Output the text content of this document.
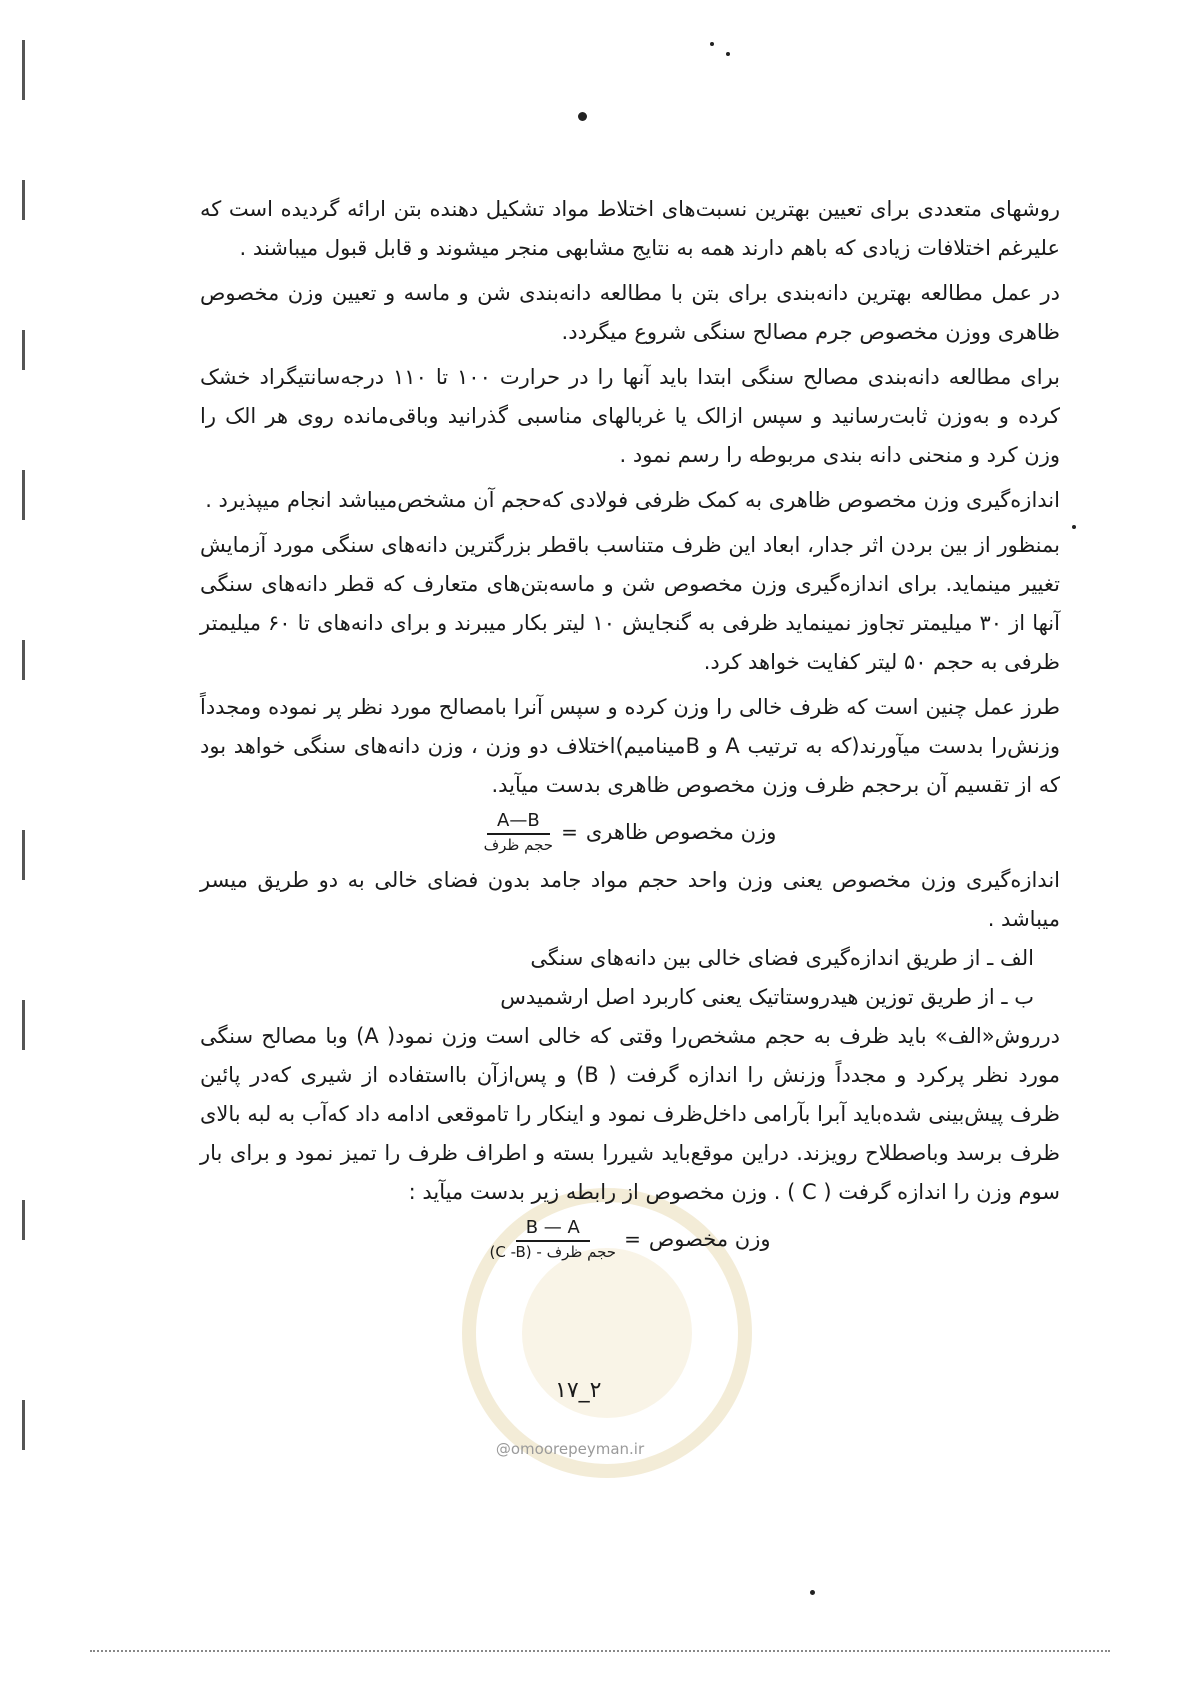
روشهای متعددی برای تعیین بهترین نسبت‌های اختلاط مواد تشکیل دهنده بتن ارائه گردیده است که علیرغم اختلافات زیادی که باهم دارند همه به نتایج مشابهی منجر میشوند و قابل قبول میباشند .

در عمل مطالعه بهترین دانه‌بندی برای بتن با مطالعه دانه‌بندی شن و ماسه و تعیین وزن مخصوص ظاهری ووزن مخصوص جرم مصالح سنگی شروع میگردد.

برای مطالعه دانه‌بندی مصالح سنگی ابتدا باید آنها را در حرارت ۱۰۰ تا ۱۱۰ درجه‌سانتیگراد خشک کرده و به‌وزن ثابت‌رسانید و سپس ازالک یا غربالهای مناسبی گذرانید وباقی‌مانده روی هر الک را وزن کرد و منحنی دانه بندی مربوطه را رسم نمود .

اندازه‌گیری وزن مخصوص ظاهری به کمک ظرفی فولادی که‌حجم آن مشخص‌میباشد انجام میپذیرد .

بمنظور از بین بردن اثر جدار، ابعاد این ظرف متناسب باقطر بزرگترین دانه‌های سنگی مورد آزمایش تغییر مینماید. برای اندازه‌گیری وزن مخصوص شن و ماسه‌بتن‌های متعارف که قطر دانه‌های سنگی آنها از ۳۰ میلیمتر تجاوز نمینماید ظرفی به گنجایش ۱۰ لیتر بکار میبرند و برای دانه‌های تا ۶۰ میلیمتر ظرفی به حجم ۵۰ لیتر کفایت خواهد کرد.

طرز عمل چنین است که ظرف خالی را وزن کرده و سپس آنرا بامصالح مورد نظر پر نموده ومجدداً وزنش‌را بدست میآورند(که به ترتیب A و B‌مینامیم)اختلاف دو وزن ، وزن دانه‌های سنگی خواهد بود که از تقسیم آن برحجم ظرف وزن مخصوص ظاهری بدست میآید.

وزن مخصوص ظاهری
=
$\frac{A—B}{\text{حجم ظرف}}$

اندازه‌گیری وزن مخصوص یعنی وزن واحد حجم مواد جامد بدون فضای خالی به دو طریق میسر میباشد .

الف ـ از طریق اندازه‌گیری فضای خالی بین دانه‌های سنگی

ب ـ از طریق توزین هیدروستاتیک یعنی کاربرد اصل ارشمیدس

درروش«الف» باید ظرف به حجم مشخص‌را وقتی که خالی است وزن نمود( A) وبا مصالح سنگی مورد نظر پرکرد و مجدداً وزنش را اندازه گرفت ( B) و پس‌ازآن بااستفاده از شیری که‌در پائین ظرف پیش‌بینی شده‌باید آبرا بآرامی داخل‌ظرف نمود و اینکار را تاموقعی ادامه داد که‌آب به لبه بالای ظرف برسد وباصطلاح رویزند. دراین موقع‌باید شیررا بسته و اطراف ظرف را تمیز نمود و برای بار سوم وزن را اندازه گرفت ( C ) . وزن مخصوص از رابطه زیر بدست میآید :

وزن مخصوص
=
$\frac{B — A}{\text{حجم ظرف - (C -B)}}$
۱۷_۲
@omoorepeyman.ir
